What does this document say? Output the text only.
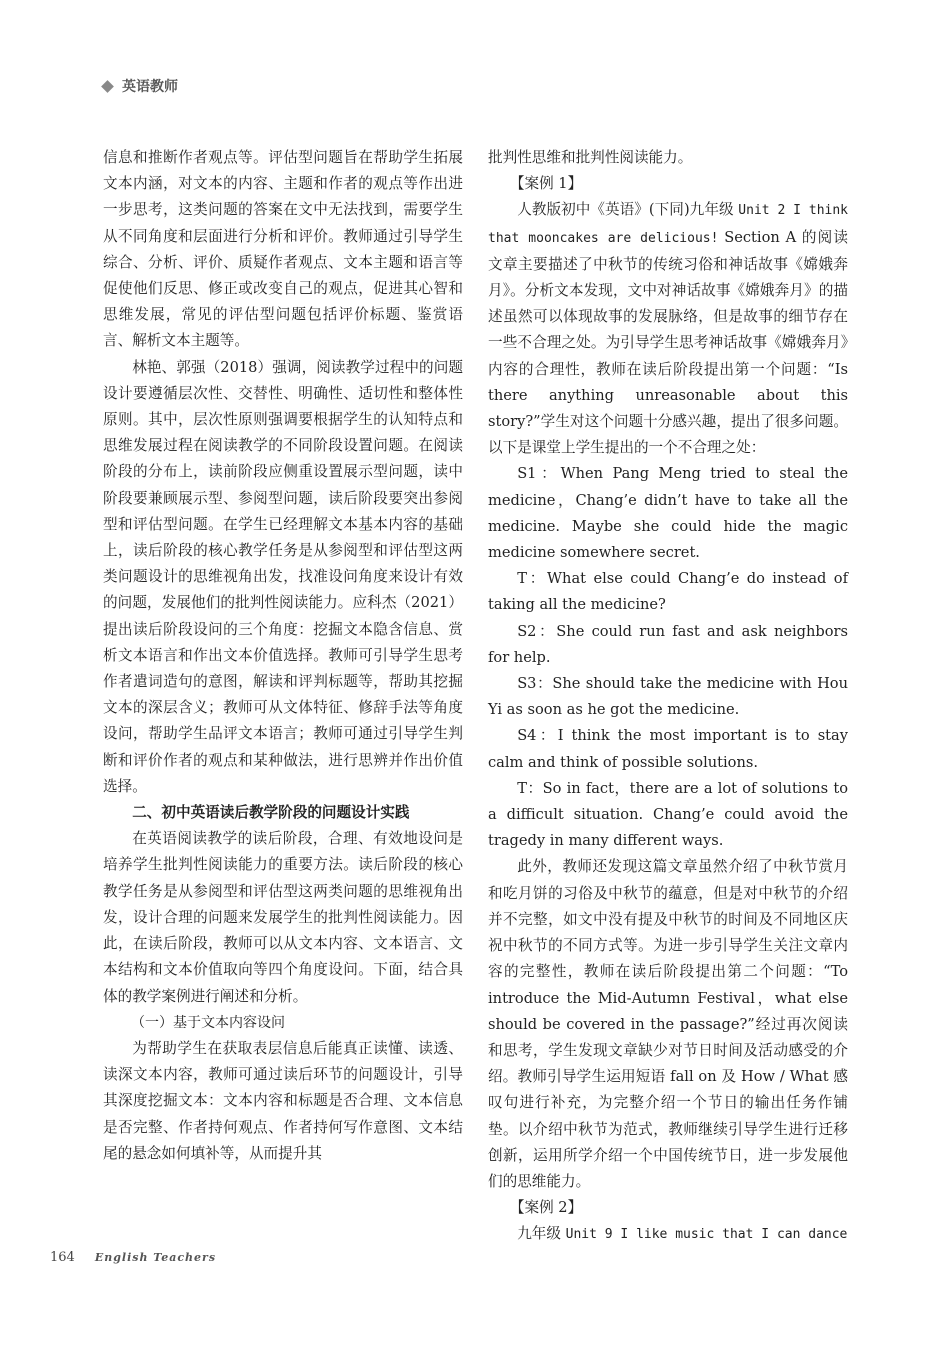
英语教师

信息和推断作者观点等。评估型问题旨在帮助学生拓展文本内涵，对文本的内容、主题和作者的观点等作出进一步思考，这类问题的答案在文中无法找到，需要学生从不同角度和层面进行分析和评价。教师通过引导学生综合、分析、评价、质疑作者观点、文本主题和语言等促使他们反思、修正或改变自己的观点，促进其心智和思维发展，常见的评估型问题包括评价标题、鉴赏语言、解析文本主题等。

林艳、郭强（2018）强调，阅读教学过程中的问题设计要遵循层次性、交替性、明确性、适切性和整体性原则。其中，层次性原则强调要根据学生的认知特点和思维发展过程在阅读教学的不同阶段设置问题。在阅读阶段的分布上，读前阶段应侧重设置展示型问题，读中阶段要兼顾展示型、参阅型问题，读后阶段要突出参阅型和评估型问题。在学生已经理解文本基本内容的基础上，读后阶段的核心教学任务是从参阅型和评估型这两类问题设计的思维视角出发，找准设问角度来设计有效的问题，发展他们的批判性阅读能力。应科杰（2021）提出读后阶段设问的三个角度：挖掘文本隐含信息、赏析文本语言和作出文本价值选择。教师可引导学生思考作者遣词造句的意图，解读和评判标题等，帮助其挖掘文本的深层含义；教师可从文体特征、修辞手法等角度设问，帮助学生品评文本语言；教师可通过引导学生判断和评价作者的观点和某种做法，进行思辨并作出价值选择。

二、初中英语读后教学阶段的问题设计实践

在英语阅读教学的读后阶段，合理、有效地设问是培养学生批判性阅读能力的重要方法。读后阶段的核心教学任务是从参阅型和评估型这两类问题的思维视角出发，设计合理的问题来发展学生的批判性阅读能力。因此，在读后阶段，教师可以从文本内容、文本语言、文本结构和文本价值取向等四个角度设问。下面，结合具体的教学案例进行阐述和分析。

（一）基于文本内容设问

为帮助学生在获取表层信息后能真正读懂、读透、读深文本内容，教师可通过读后环节的问题设计，引导其深度挖掘文本：文本内容和标题是否合理、文本信息是否完整、作者持何观点、作者持何写作意图、文本结尾的悬念如何填补等，从而提升其

批判性思维和批判性阅读能力。

【案例 1】

人教版初中《英语》(下同)九年级 Unit 2 I think that mooncakes are delicious! Section A 的阅读文章主要描述了中秋节的传统习俗和神话故事《嫦娥奔月》。分析文本发现，文中对神话故事《嫦娥奔月》的描述虽然可以体现故事的发展脉络，但是故事的细节存在一些不合理之处。为引导学生思考神话故事《嫦娥奔月》内容的合理性，教师在读后阶段提出第一个问题：“Is there anything unreasonable about this story?”学生对这个问题十分感兴趣，提出了很多问题。以下是课堂上学生提出的一个不合理之处：

S1：When Pang Meng tried to steal the medicine，Chang’e didn’t have to take all the medicine. Maybe she could hide the magic medicine somewhere secret.

T：What else could Chang’e do instead of taking all the medicine?

S2：She could run fast and ask neighbors for help.

S3：She should take the medicine with Hou Yi as soon as he got the medicine.

S4：I think the most important is to stay calm and think of possible solutions.

T：So in fact，there are a lot of solutions to a difficult situation. Chang’e could avoid the tragedy in many different ways.

此外，教师还发现这篇文章虽然介绍了中秋节赏月和吃月饼的习俗及中秋节的蕴意，但是对中秋节的介绍并不完整，如文中没有提及中秋节的时间及不同地区庆祝中秋节的不同方式等。为进一步引导学生关注文章内容的完整性，教师在读后阶段提出第二个问题：“To introduce the Mid-Autumn Festival，what else should be covered in the passage?”经过再次阅读和思考，学生发现文章缺少对节日时间及活动感受的介绍。教师引导学生运用短语 fall on 及 How / What 感叹句进行补充，为完整介绍一个节日的输出任务作铺垫。以介绍中秋节为范式，教师继续引导学生进行迁移创新，运用所学介绍一个中国传统节日，进一步发展他们的思维能力。

【案例 2】

九年级 Unit 9 I like music that I can dance

164 English Teachers
